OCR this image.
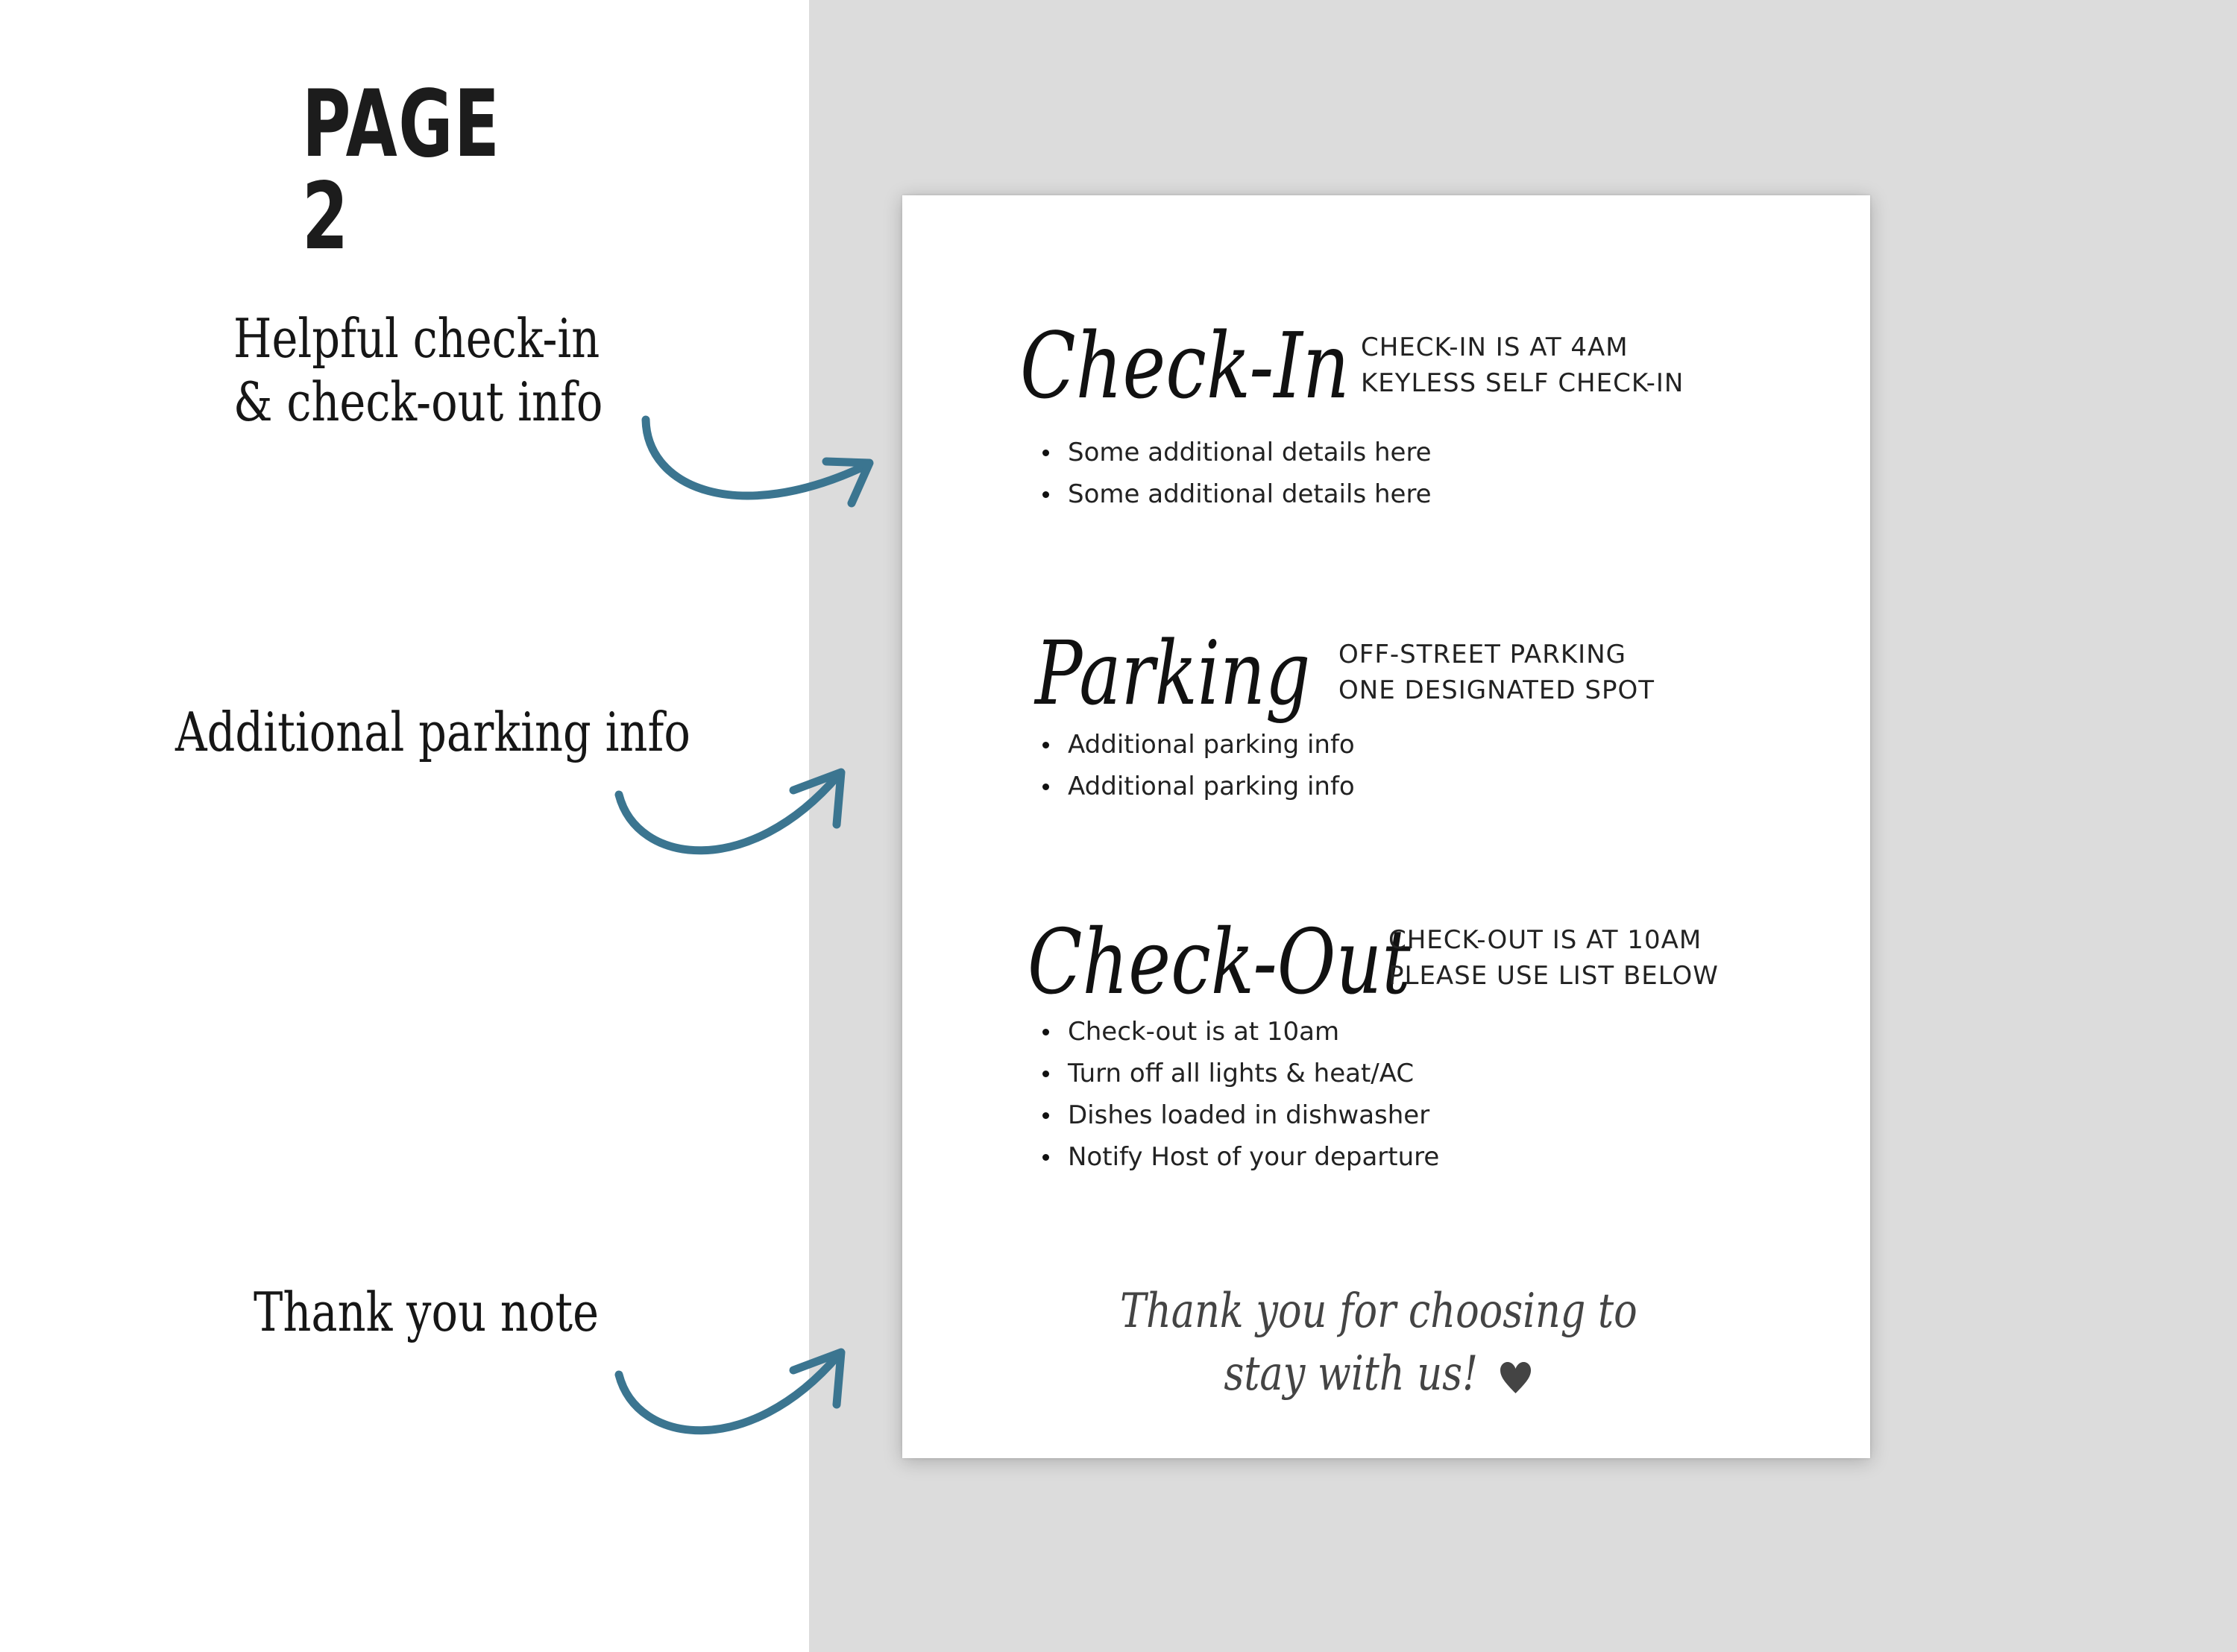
PAGE 2
Helpful check-in
& check-out info
Additional parking info
Thank you note
Check-In CHECK-IN IS AT 4AM
KEYLESS SELF CHECK-IN
Some additional details here
Some additional details here
Parking OFF-STREET PARKING
ONE DESIGNATED SPOT
Additional parking info
Additional parking info
Check-Out
CHECK-OUT IS AT 10AM
PLEASE USE LIST BELOW
Check-out is at 10am
Turn off all lights & heat/AC
Dishes loaded in dishwasher
Notify Host of your departure
Thank you for choosing to
stay with us!
